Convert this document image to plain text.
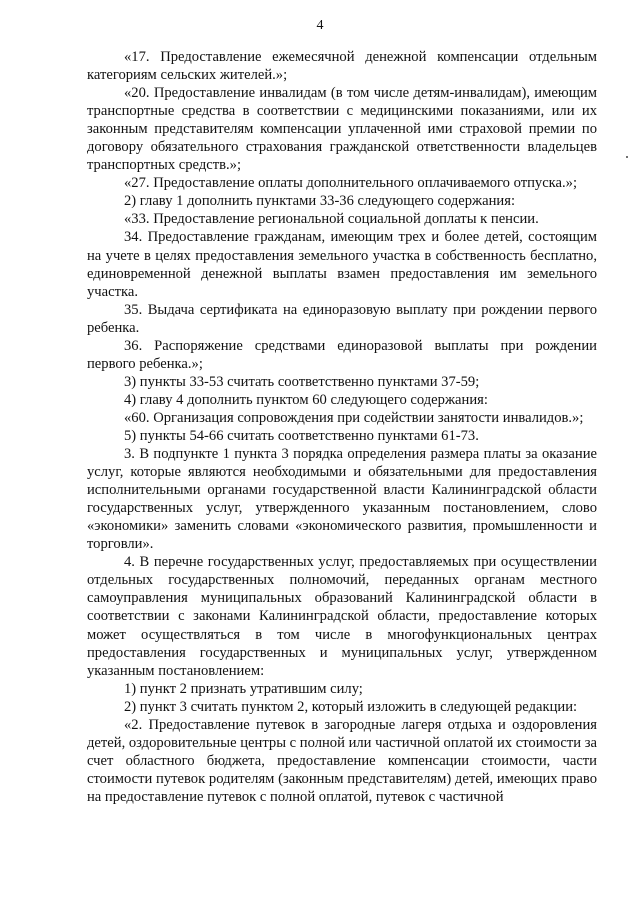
4

«17. Предоставление ежемесячной денежной компенсации отдельным категориям сельских жителей.»;

«20. Предоставление инвалидам (в том числе детям-инвалидам), имеющим транспортные средства в соответствии с медицинскими показаниями, или их законным представителям компенсации уплаченной ими страховой премии по договору обязательного страхования гражданской ответственности владельцев транспортных средств.»;

«27. Предоставление оплаты дополнительного оплачиваемого отпуска.»;

2) главу 1 дополнить пунктами 33-36 следующего содержания:

«33. Предоставление региональной социальной доплаты к пенсии.

34. Предоставление гражданам, имеющим трех и более детей, состоящим на учете в целях предоставления земельного участка в собственность бесплатно, единовременной денежной выплаты взамен предоставления им земельного участка.

35. Выдача сертификата на единоразовую выплату при рождении первого ребенка.

36. Распоряжение средствами единоразовой выплаты при рождении первого ребенка.»;

3) пункты 33-53 считать соответственно пунктами 37-59;

4) главу 4 дополнить пунктом 60 следующего содержания:

«60. Организация сопровождения при содействии занятости инвалидов.»;

5) пункты 54-66 считать соответственно пунктами 61-73.

3. В подпункте 1 пункта 3 порядка определения размера платы за оказание услуг, которые являются необходимыми и обязательными для предоставления исполнительными органами государственной власти Калининградской области государственных услуг, утвержденного указанным постановлением, слово «экономики» заменить словами «экономического развития, промышленности и торговли».

4. В перечне государственных услуг, предоставляемых при осуществлении отдельных государственных полномочий, переданных органам местного самоуправления муниципальных образований Калининградской области в соответствии с законами Калининградской области, предоставление которых может осуществляться в том числе в многофункциональных центрах предоставления государственных и муниципальных услуг, утвержденном указанным постановлением:

1) пункт 2 признать утратившим силу;

2) пункт 3 считать пунктом 2, который изложить в следующей редакции:

«2. Предоставление путевок в загородные лагеря отдыха и оздоровления детей, оздоровительные центры с полной или частичной оплатой их стоимости за счет областного бюджета, предоставление компенсации стоимости, части стоимости путевок родителям (законным представителям) детей, имеющих право на предоставление путевок с полной оплатой, путевок с частичной
